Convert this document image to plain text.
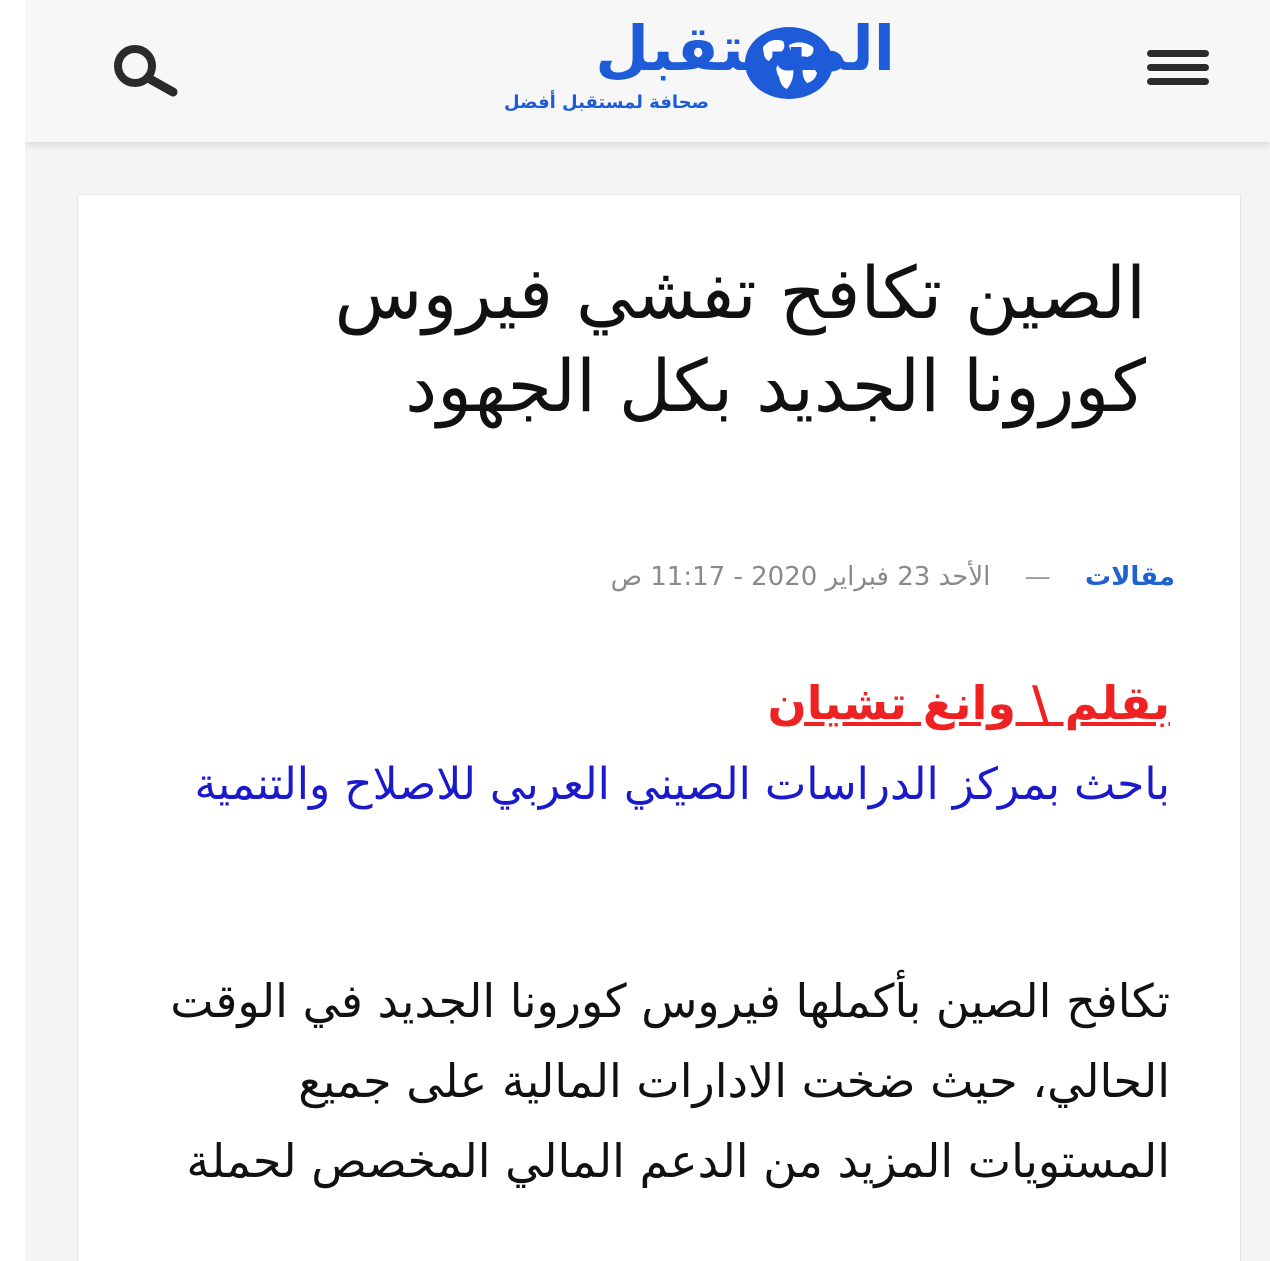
المستقبل
صحافة لمستقبل أفضل
الصين تكافح تفشي فيروس كورونا الجديد بكل الجهود
مقالات — الأحد 23 فبراير 2020 - 11:17 ص

بقلم \ وانغ تشيان

باحث بمركز الدراسات الصيني العربي للاصلاح والتنمية

تكافح الصين بأكملها فيروس كورونا الجديد في الوقت الحالي، حيث ضخت الادارات المالية على جميع المستويات المزيد من الدعم المالي المخصص لحملة
